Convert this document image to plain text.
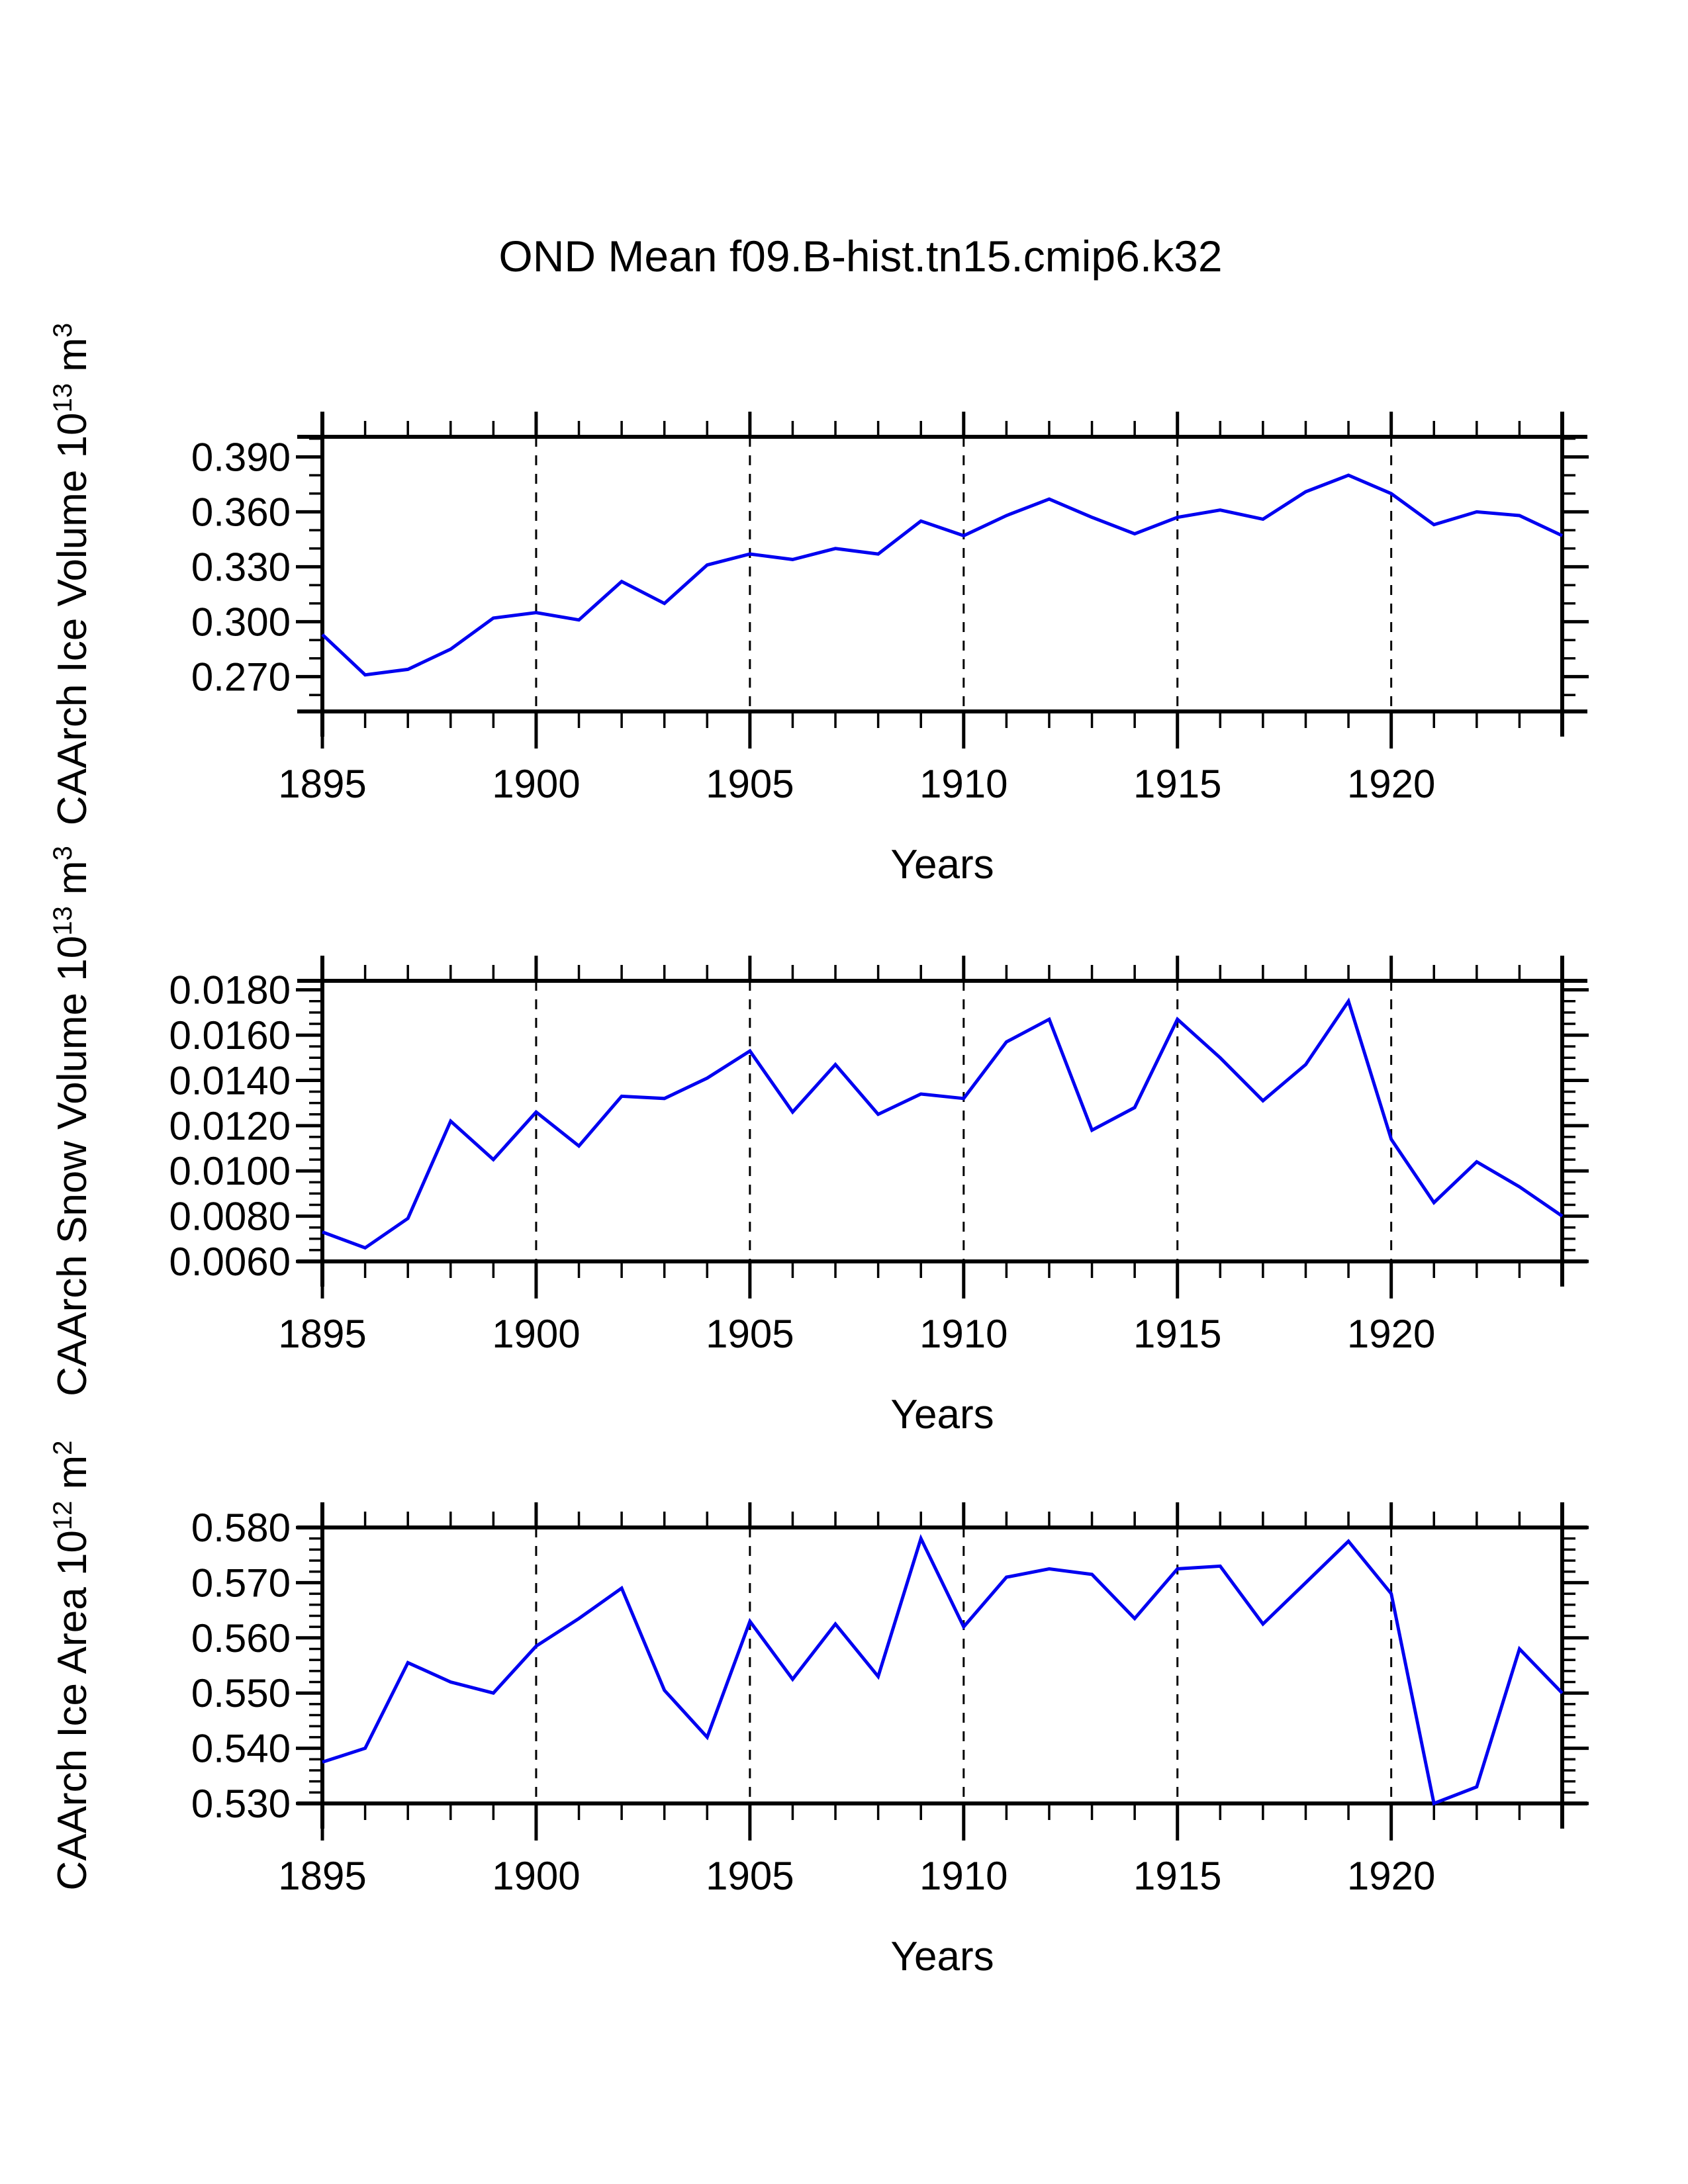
OND Mean f09.B-hist.tn15.cmip6.k32
0.270
0.300
0.330
0.360
0.390
1895	1900	1905	1910	1915	1920
Years
CAArch Ice Volume $10^{13}$ $m^3$
0.0060
0.0080
0.0100
0.0120
0.0140
0.0160
0.0180
1895	1900	1905	1910	1915	1920
Years
CAArch Snow Volume $10^{13}$ $m^3$
0.530
0.540
0.550
0.560
0.570
0.580
1895	1900	1905	1910	1915	1920
Years
CAArch Ice Area $10^{12}$ $m^2$
